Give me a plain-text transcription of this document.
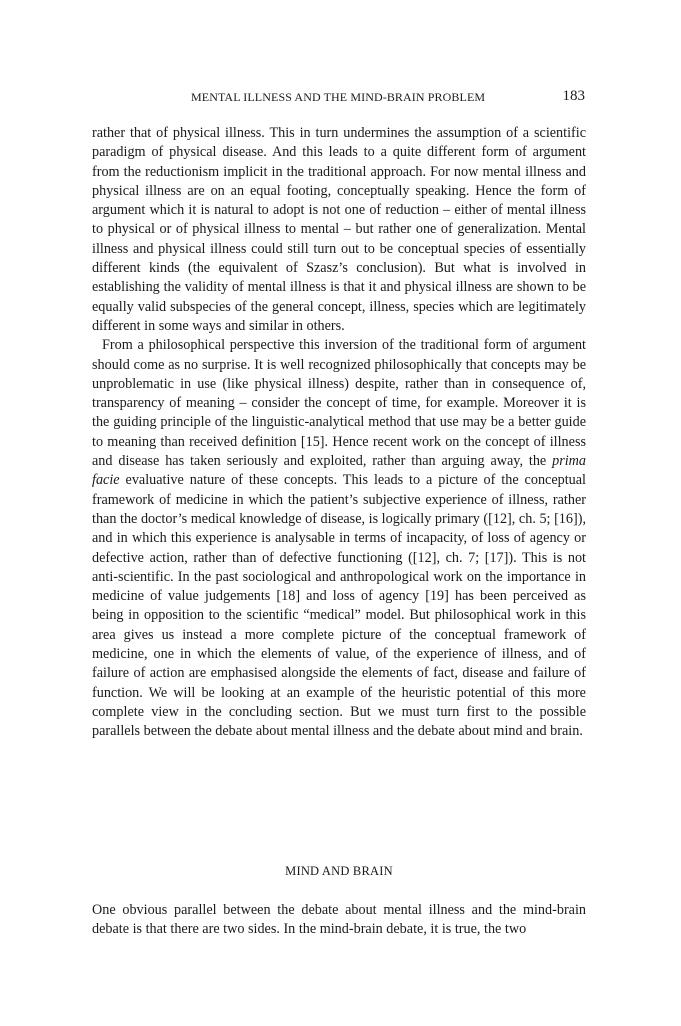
MENTAL ILLNESS AND THE MIND-BRAIN PROBLEM	183

rather that of physical illness. This in turn undermines the assumption of a scientific paradigm of physical disease. And this leads to a quite different form of argument from the reductionism implicit in the traditional approach. For now mental illness and physical illness are on an equal footing, conceptually speaking. Hence the form of argument which it is natural to adopt is not one of reduction – either of mental illness to physical or of physical illness to mental – but rather one of generalization. Mental illness and physical illness could still turn out to be conceptual species of essentially different kinds (the equivalent of Szasz’s conclusion). But what is involved in establishing the validity of mental illness is that it and physical illness are shown to be equally valid subspecies of the general concept, illness, species which are legitimately different in some ways and similar in others.

From a philosophical perspective this inversion of the traditional form of argument should come as no surprise. It is well recognized philosophically that concepts may be unproblematic in use (like physical illness) despite, rather than in consequence of, transparency of meaning – consider the concept of time, for example. Moreover it is the guiding principle of the linguistic-analytical method that use may be a better guide to meaning than received definition [15]. Hence recent work on the concept of illness and disease has taken seriously and exploited, rather than arguing away, the prima facie evaluative nature of these concepts. This leads to a picture of the conceptual framework of medicine in which the patient’s subjective experience of illness, rather than the doctor’s medical knowledge of disease, is logically primary ([12], ch. 5; [16]), and in which this experience is analysable in terms of incapacity, of loss of agency or defective action, rather than of defective functioning ([12], ch. 7; [17]). This is not anti-scientific. In the past sociological and anthropological work on the importance in medicine of value judgements [18] and loss of agency [19] has been perceived as being in opposition to the scientific “medical” model. But philosophical work in this area gives us instead a more complete picture of the conceptual framework of medicine, one in which the elements of value, of the experience of illness, and of failure of action are emphasised alongside the elements of fact, disease and failure of function. We will be looking at an example of the heuristic potential of this more complete view in the concluding section. But we must turn first to the possible parallels between the debate about mental illness and the debate about mind and brain.

MIND AND BRAIN

One obvious parallel between the debate about mental illness and the mind-brain debate is that there are two sides. In the mind-brain debate, it is true, the two
